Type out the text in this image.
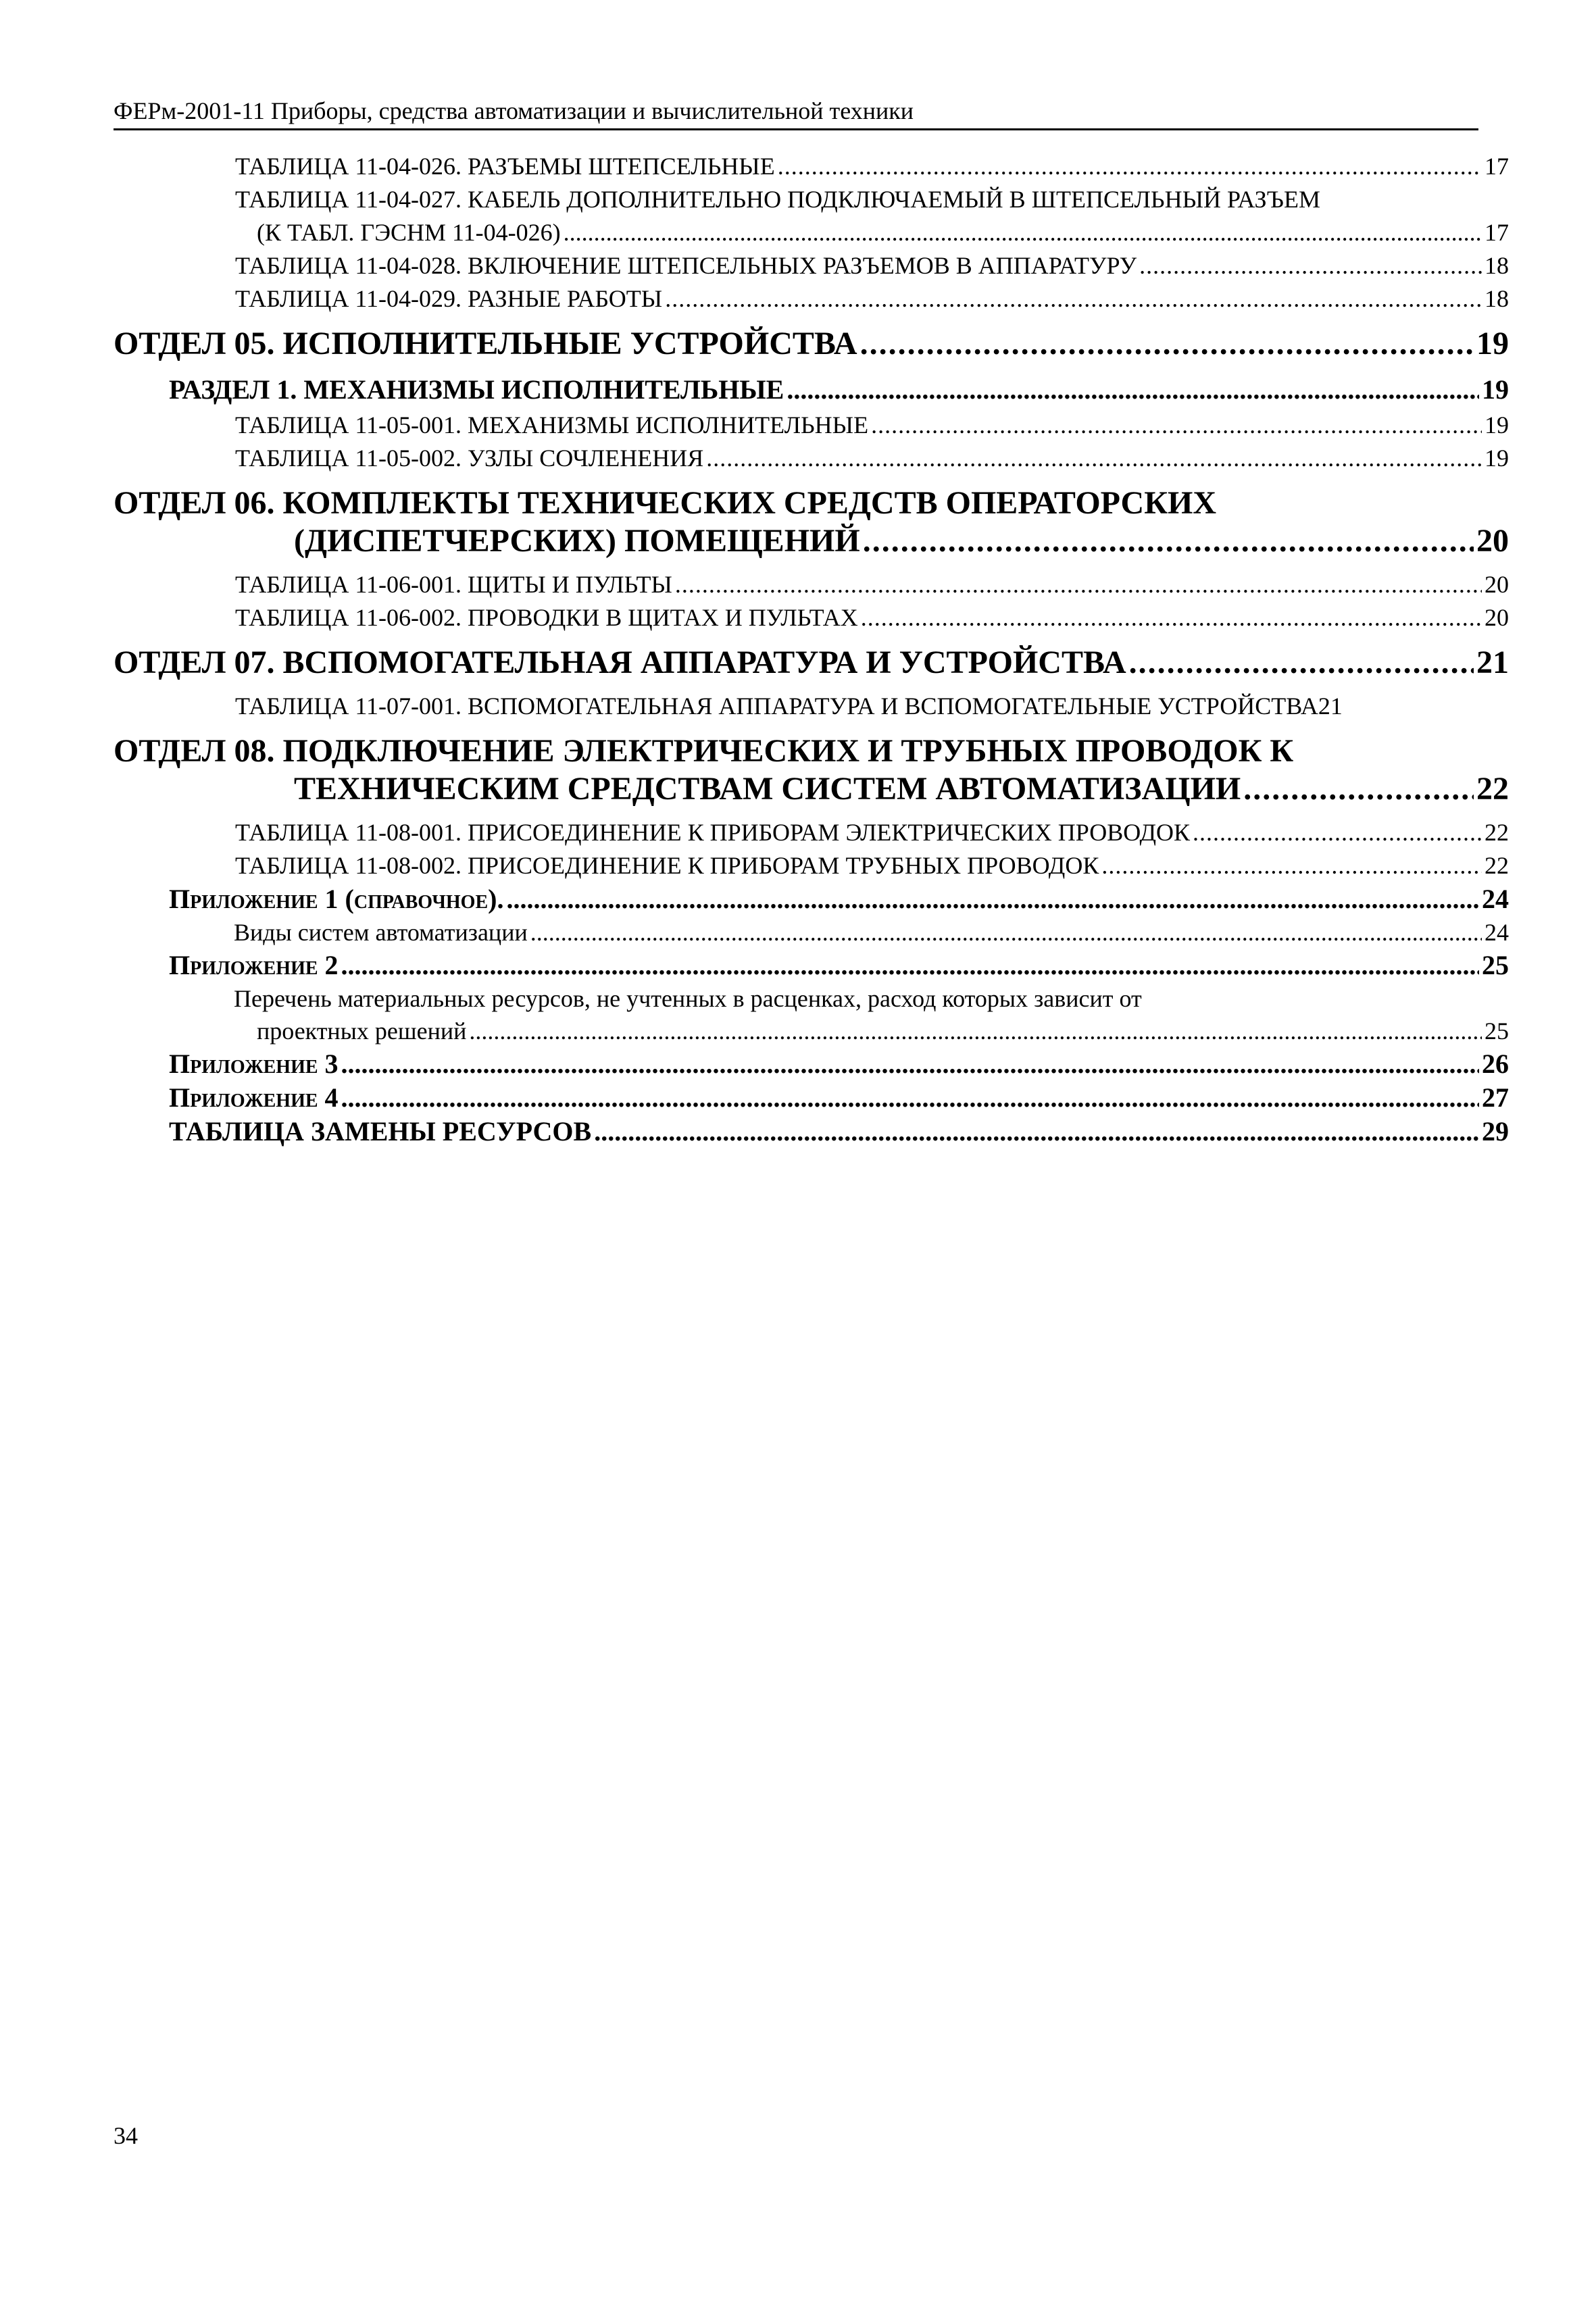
ФЕРм-2001-11 Приборы, средства автоматизации и вычислительной техники
ТАБЛИЦА 11-04-026. РАЗЪЕМЫ ШТЕПСЕЛЬНЫЕ .....	17
ТАБЛИЦА 11-04-027. КАБЕЛЬ ДОПОЛНИТЕЛЬНО ПОДКЛЮЧАЕМЫЙ В ШТЕПСЕЛЬНЫЙ РАЗЪЕМ
(К ТАБЛ. ГЭСНМ 11-04-026) .....	17
ТАБЛИЦА 11-04-028. ВКЛЮЧЕНИЕ ШТЕПСЕЛЬНЫХ РАЗЪЕМОВ В АППАРАТУРУ .....	18
ТАБЛИЦА 11-04-029. РАЗНЫЕ РАБОТЫ .....	18
ОТДЕЛ 05. ИСПОЛНИТЕЛЬНЫЕ УСТРОЙСТВА .....	19
РАЗДЕЛ 1. МЕХАНИЗМЫ ИСПОЛНИТЕЛЬНЫЕ .....	19
ТАБЛИЦА 11-05-001. МЕХАНИЗМЫ ИСПОЛНИТЕЛЬНЫЕ .....	19
ТАБЛИЦА 11-05-002. УЗЛЫ СОЧЛЕНЕНИЯ .....	19
ОТДЕЛ 06. КОМПЛЕКТЫ ТЕХНИЧЕСКИХ СРЕДСТВ ОПЕРАТОРСКИХ
(ДИСПЕТЧЕРСКИХ) ПОМЕЩЕНИЙ .....	20
ТАБЛИЦА 11-06-001. ЩИТЫ И ПУЛЬТЫ .....	20
ТАБЛИЦА 11-06-002. ПРОВОДКИ В ЩИТАХ И ПУЛЬТАХ .....	20
ОТДЕЛ 07. ВСПОМОГАТЕЛЬНАЯ АППАРАТУРА И УСТРОЙСТВА .....	21
ТАБЛИЦА 11-07-001. ВСПОМОГАТЕЛЬНАЯ АППАРАТУРА И ВСПОМОГАТЕЛЬНЫЕ УСТРОЙСТВА21
ОТДЕЛ 08. ПОДКЛЮЧЕНИЕ ЭЛЕКТРИЧЕСКИХ И ТРУБНЫХ ПРОВОДОК К
ТЕХНИЧЕСКИМ СРЕДСТВАМ СИСТЕМ АВТОМАТИЗАЦИИ .....	22
ТАБЛИЦА 11-08-001. ПРИСОЕДИНЕНИЕ К ПРИБОРАМ ЭЛЕКТРИЧЕСКИХ ПРОВОДОК .....	22
ТАБЛИЦА 11-08-002. ПРИСОЕДИНЕНИЕ К ПРИБОРАМ ТРУБНЫХ ПРОВОДОК .....	22
Приложение 1 (справочное). .....	24
Виды систем автоматизации .....	24
Приложение 2 .....	25
Перечень материальных ресурсов, не учтенных в расценках, расход которых зависит от
проектных решений .....	25
Приложение 3 .....	26
Приложение 4 .....	27
ТАБЛИЦА ЗАМЕНЫ РЕСУРСОВ .....	29
34
